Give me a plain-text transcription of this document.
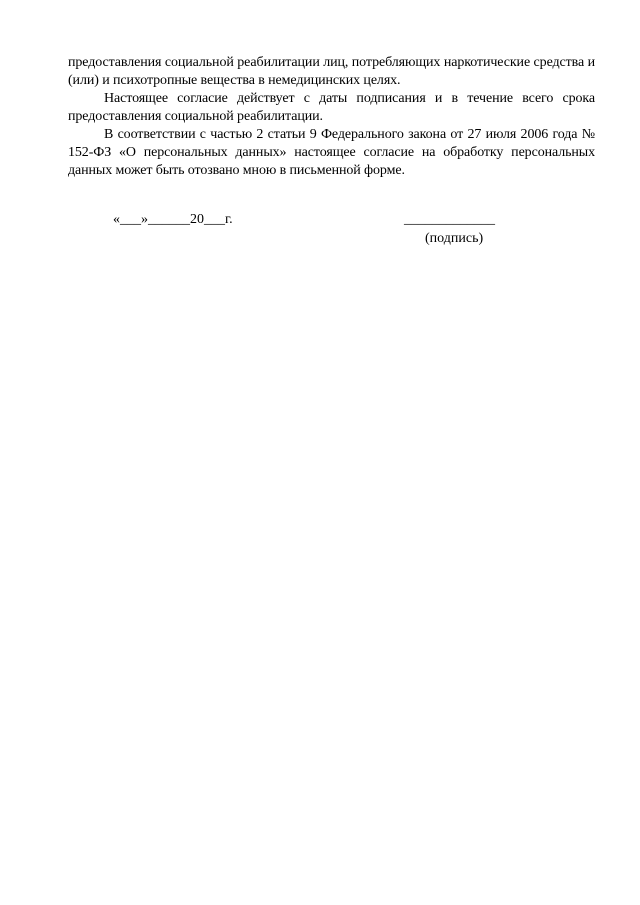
предоставления социальной реабилитации лиц, потребляющих наркотические средства и (или) и психотропные вещества в немедицинских целях.

Настоящее согласие действует с даты подписания и в течение всего срока предоставления социальной реабилитации.

В соответствии с частью 2 статьи 9 Федерального закона от 27 июля 2006 года № 152-ФЗ «О персональных данных» настоящее согласие на обработку персональных данных может быть отозвано мною в письменной форме.

«___»______20___г.	_____________
(подпись)
